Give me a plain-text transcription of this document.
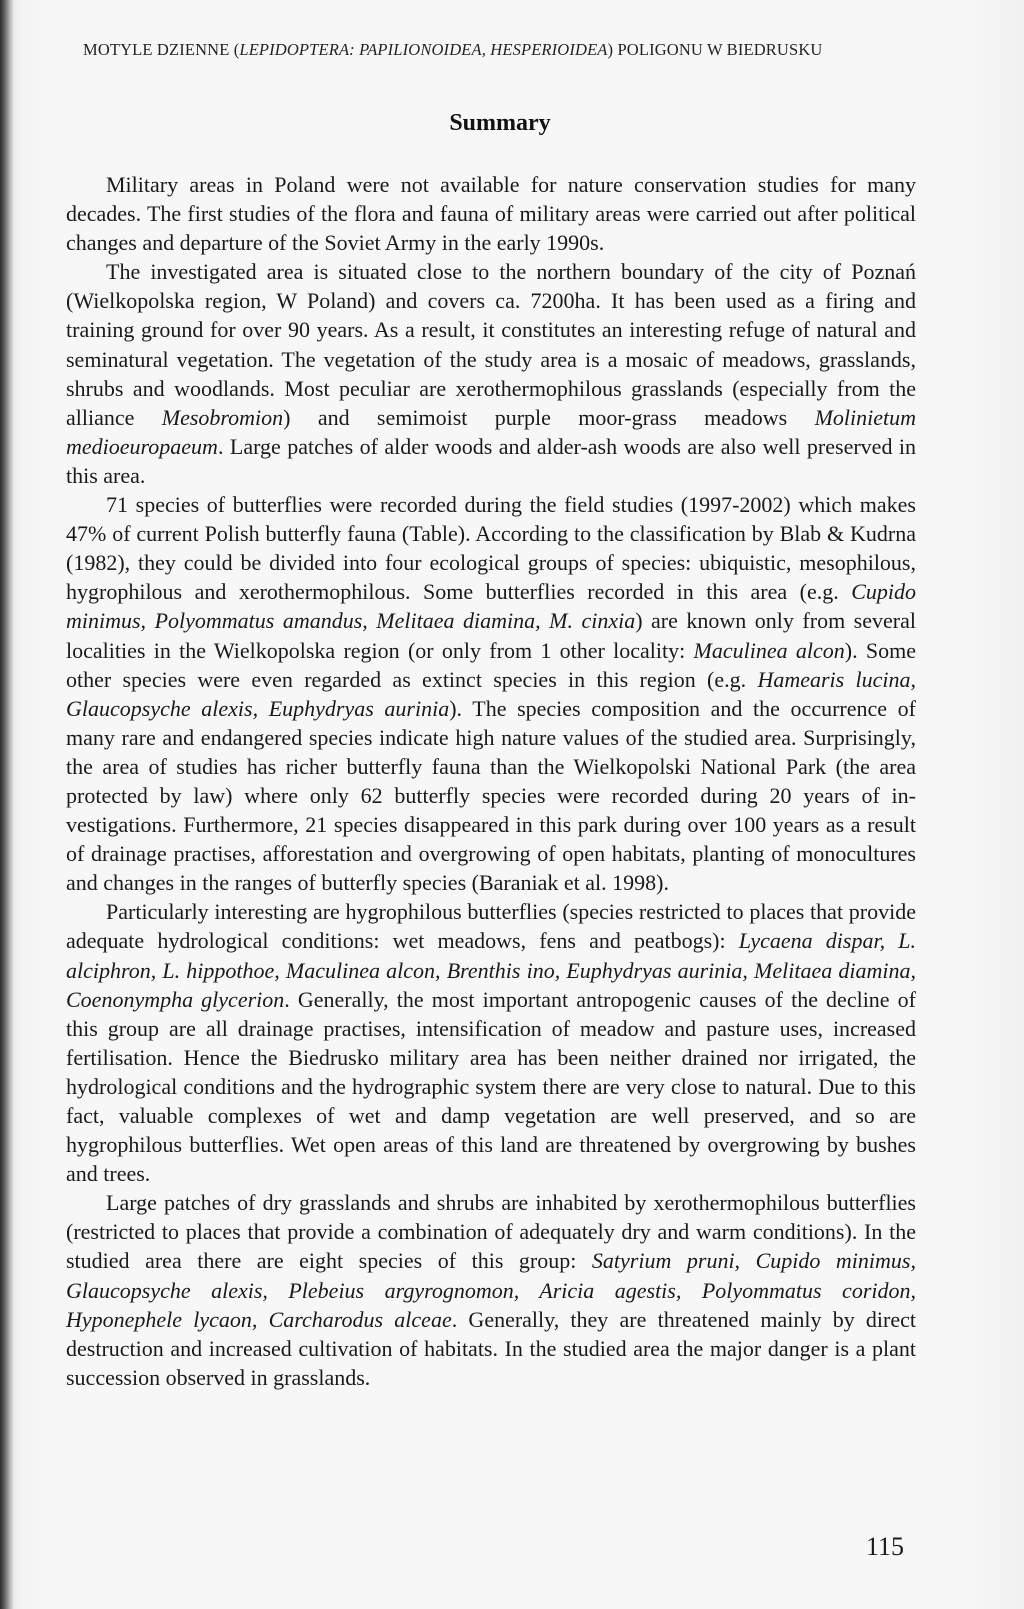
MOTYLE DZIENNE (LEPIDOPTERA: PAPILIONOIDEA, HESPERIOIDEA) POLIGONU W BIEDRUSKU
Summary

Military areas in Poland were not available for nature conservation studies for many decades. The first studies of the flora and fauna of military areas were carried out after political changes and departure of the Soviet Army in the early 1990s.

The investigated area is situated close to the northern boundary of the city of Poznań (Wielkopolska region, W Poland) and covers ca. 7200ha. It has been used as a firing and training ground for over 90 years. As a result, it constitutes an interesting refuge of natural and seminatural vegetation. The vegetation of the study area is a mosaic of meadows, grasslands, shrubs and woodlands. Most peculiar are xerothermophilous grasslands (especially from the alliance Mesobromion) and semimoist purple moor-grass meadows Molinietum medioeuropaeum. Large patches of alder woods and alder-ash woods are also well preserved in this area.

71 species of butterflies were recorded during the field studies (1997-2002) which makes 47% of current Polish butterfly fauna (Table). According to the classification by Blab & Kudrna (1982), they could be divided into four ecological groups of species: ubiquistic, mesophilous, hygrophilous and xerothermophilous. Some butterflies recorded in this area (e.g. Cupido minimus, Polyommatus amandus, Melitaea diamina, M. cinxia) are known only from several localities in the Wielkopolska region (or only from 1 other locality: Maculinea alcon). Some other species were even regarded as extinct species in this region (e.g. Hamearis lucina, Glaucopsyche alexis, Euphydryas aurinia). The species composition and the occurrence of many rare and endangered species indicate high nature values of the studied area. Surprisingly, the area of studies has richer butterfly fauna than the Wielkopolski National Park (the area protected by law) where only 62 butterfly species were recorded during 20 years of investigations. Furthermore, 21 species disappeared in this park during over 100 years as a result of drainage practises, afforestation and overgrowing of open habitats, planting of monocultures and changes in the ranges of butterfly species (Baraniak et al. 1998).

Particularly interesting are hygrophilous butterflies (species restricted to places that provide adequate hydrological conditions: wet meadows, fens and peatbogs): Lycaena dispar, L. alciphron, L. hippothoe, Maculinea alcon, Brenthis ino, Euphydryas aurinia, Melitaea diamina, Coenonympha glycerion. Generally, the most important antropogenic causes of the decline of this group are all drainage practises, intensification of meadow and pasture uses, increased fertilisation. Hence the Biedrusko military area has been neither drained nor irrigated, the hydrological conditions and the hydrographic system there are very close to natural. Due to this fact, valuable complexes of wet and damp vegetation are well preserved, and so are hygrophilous butterflies. Wet open areas of this land are threatened by overgrowing by bushes and trees.

Large patches of dry grasslands and shrubs are inhabited by xerothermophilous butterflies (restricted to places that provide a combination of adequately dry and warm conditions). In the studied area there are eight species of this group: Satyrium pruni, Cupido minimus, Glaucopsyche alexis, Plebeius argyrognomon, Aricia agestis, Polyommatus coridon, Hyponephele lycaon, Carcharodus alceae. Generally, they are threatened mainly by direct destruction and increased cultivation of habitats. In the studied area the major danger is a plant succession observed in grasslands.

115
